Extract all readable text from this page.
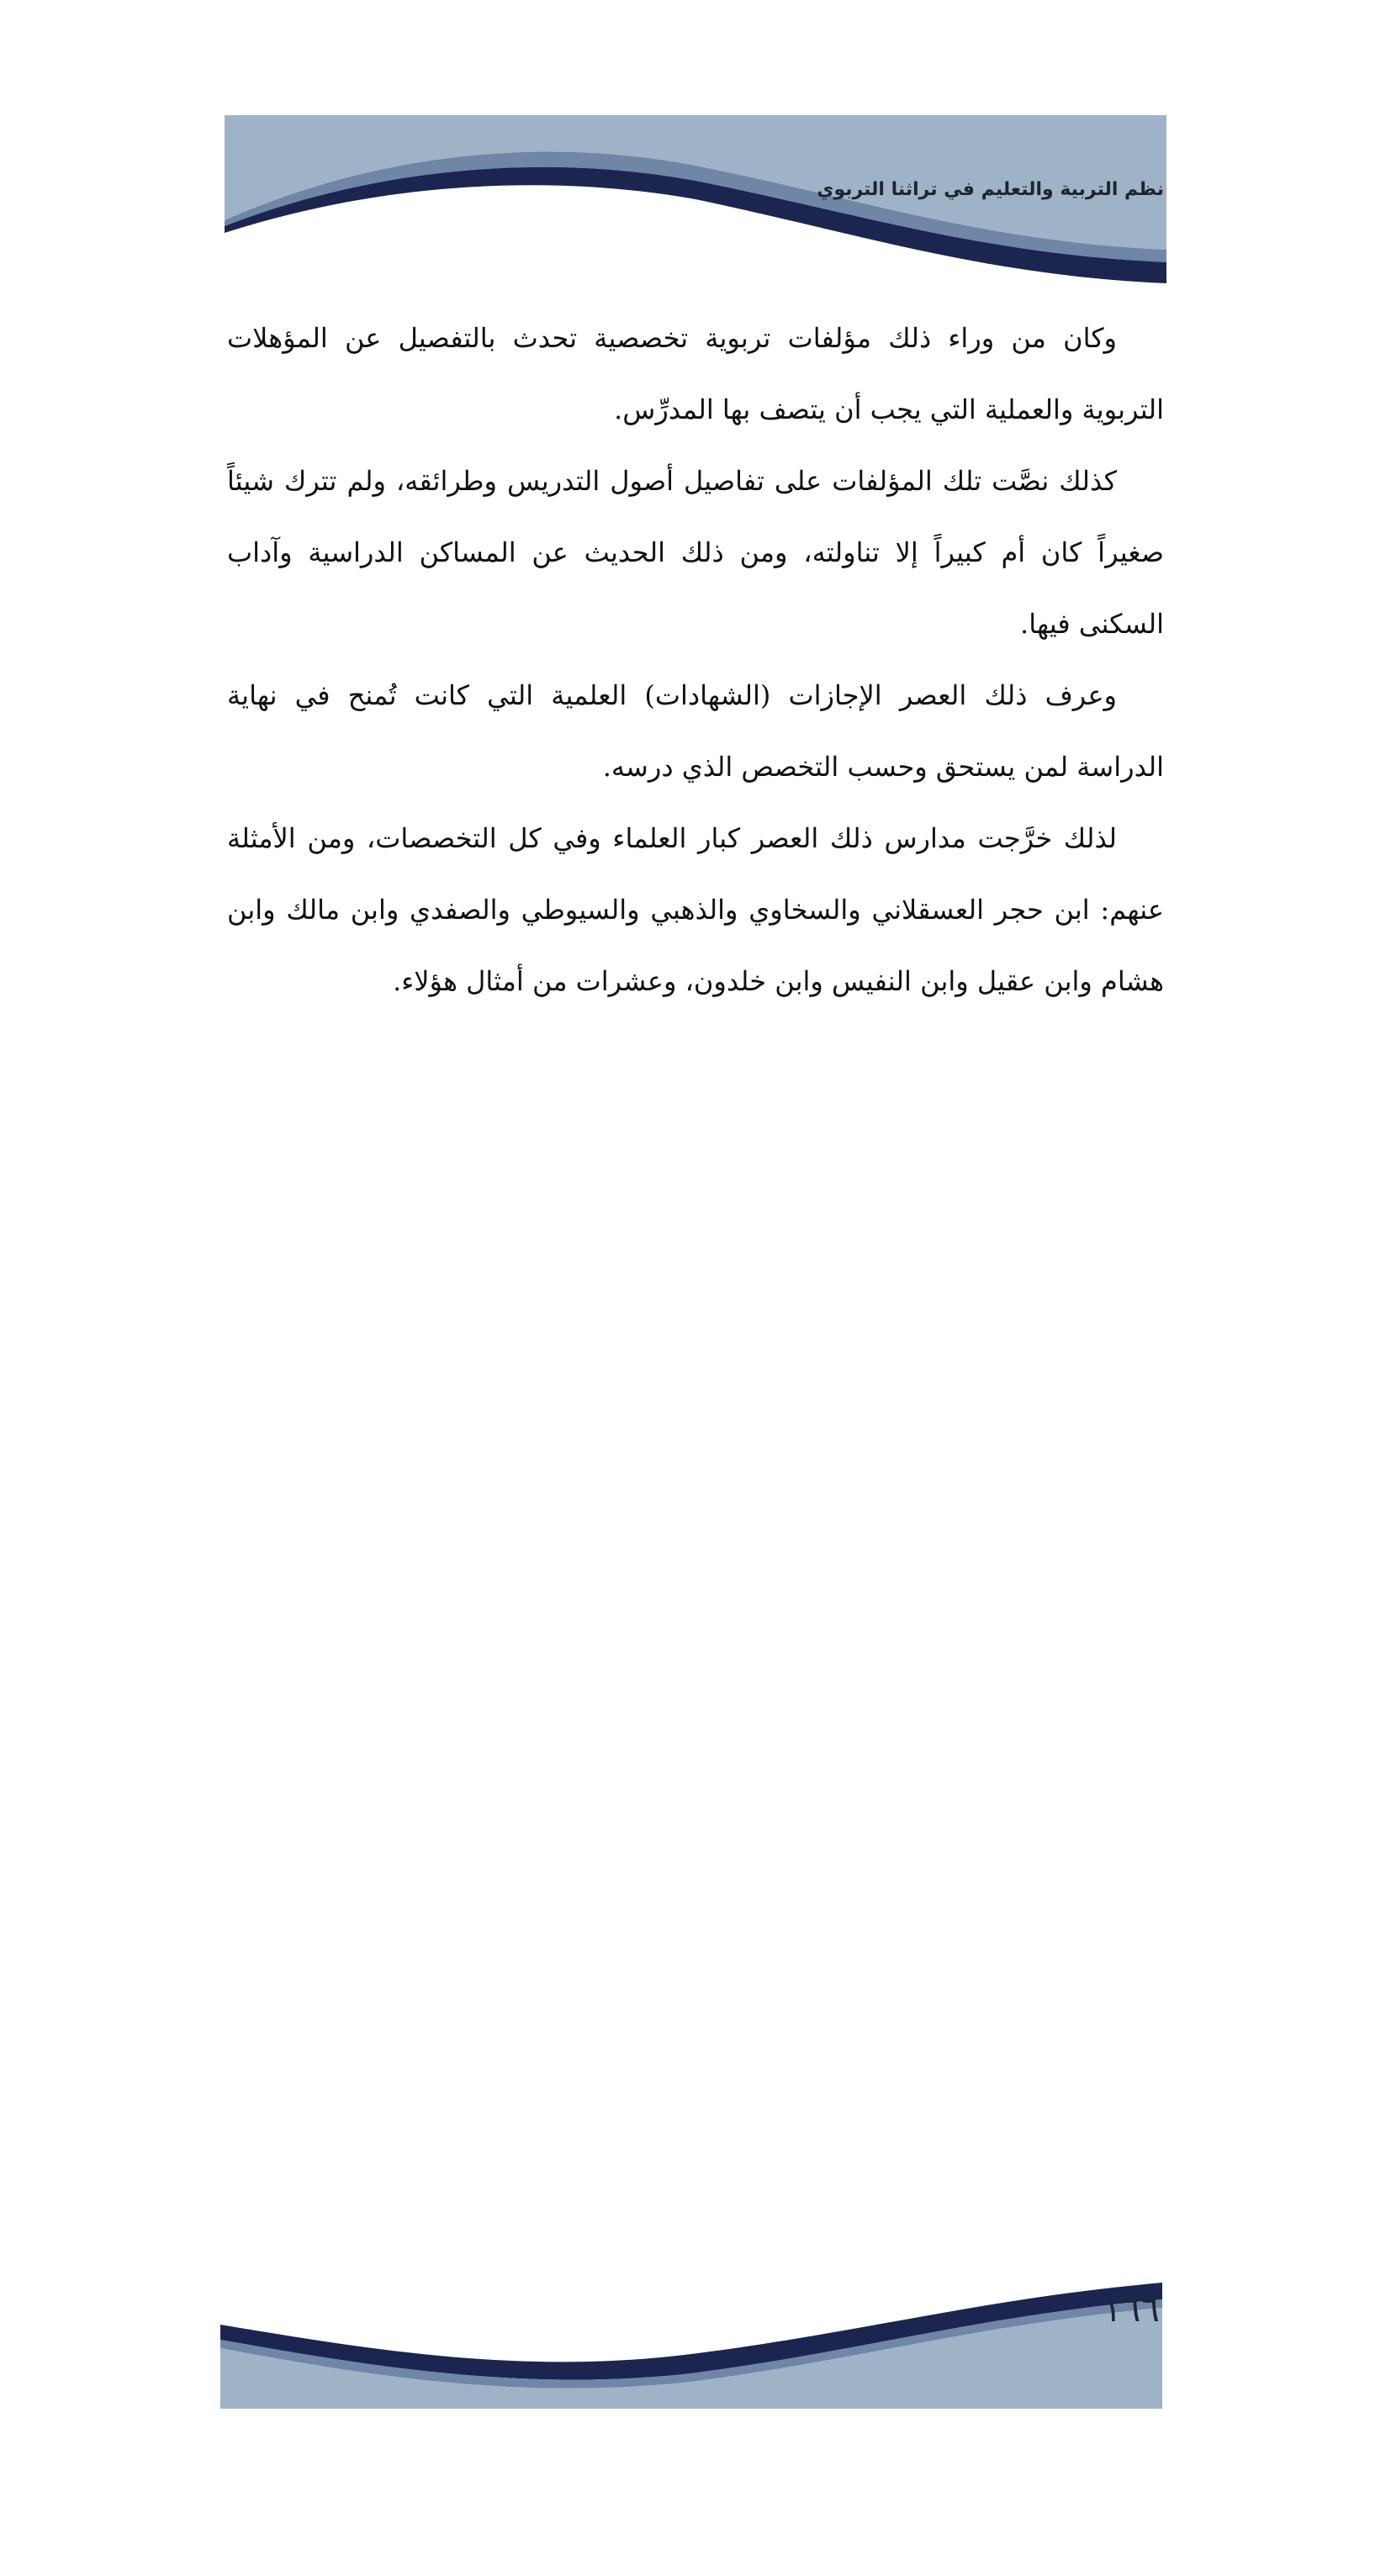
نظم التربية والتعليم في تراثنا التربوي

وكان من وراء ذلك مؤلفات تربوية تخصصية تحدث بالتفصيل عن المؤهلات التربوية والعملية التي يجب أن يتصف بها المدرِّس.

كذلك نصَّت تلك المؤلفات على تفاصيل أصول التدريس وطرائقه، ولم تترك شيئاً صغيراً كان أم كبيراً إلا تناولته، ومن ذلك الحديث عن المساكن الدراسية وآداب السكنى فيها.

وعرف ذلك العصر الإجازات (الشهادات) العلمية التي كانت تُمنح في نهاية الدراسة لمن يستحق وحسب التخصص الذي درسه.

لذلك خرَّجت مدارس ذلك العصر كبار العلماء وفي كل التخصصات، ومن الأمثلة عنهم: ابن حجر العسقلاني والسخاوي والذهبي والسيوطي والصفدي وابن مالك وابن هشام وابن عقيل وابن النفيس وابن خلدون، وعشرات من أمثال هؤلاء.

١٦٦
